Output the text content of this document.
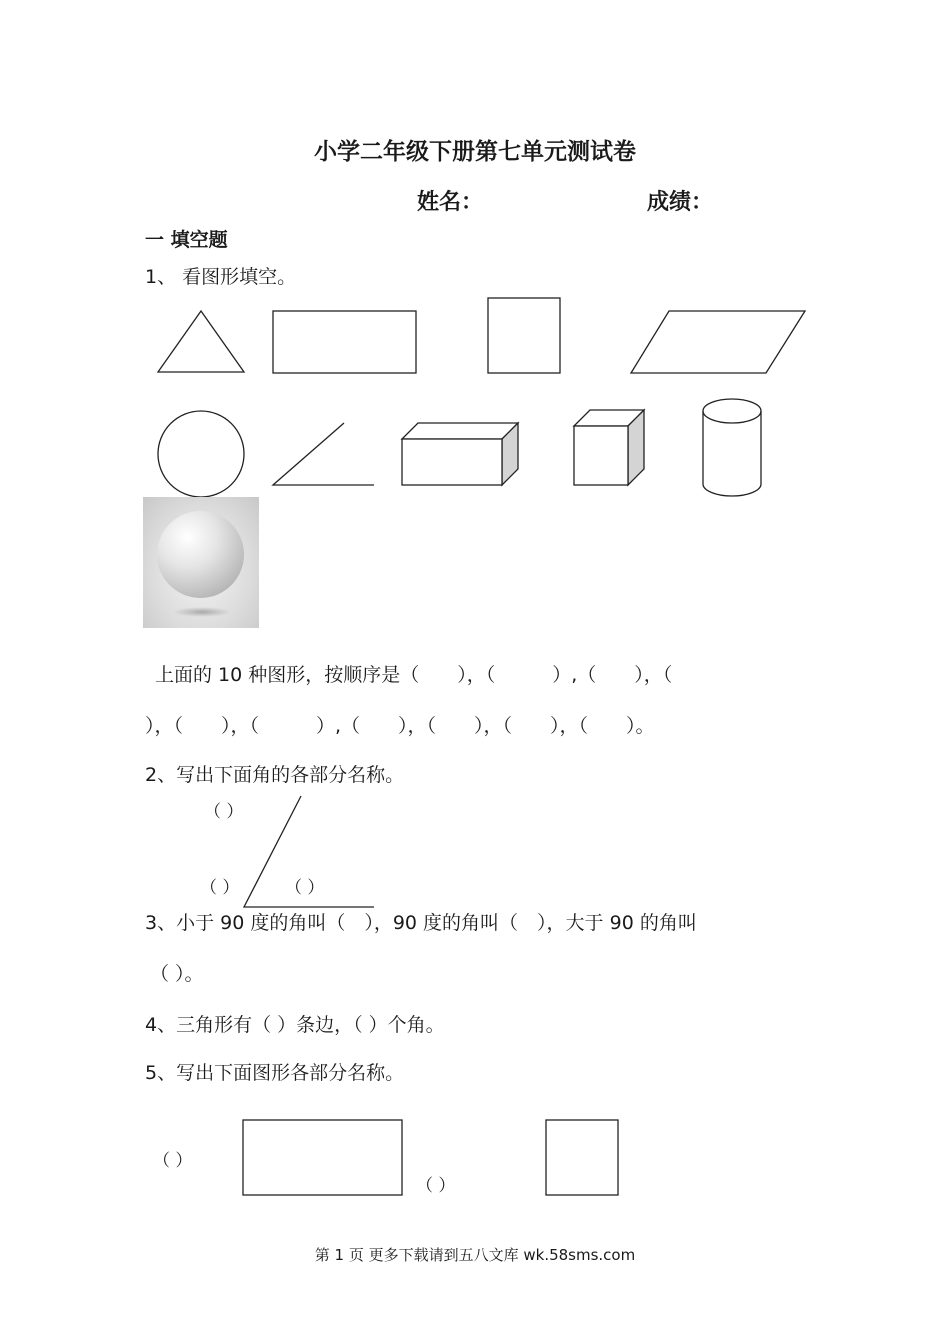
小学二年级下册第七单元测试卷
姓名：	成绩：
一 填空题
1、 看图形填空。
上面的 10 种图形，按顺序是（　　），（　　　）,（　　），（
），（　　），（　　　）,（　　），（　　），（　　），（　　）。
2、写出下面角的各部分名称。
（ ）
（ ）	（ ）
3、小于 90 度的角叫（　），90 度的角叫（　），大于 90 的角叫
（ ）。
4、三角形有（ ）条边，（ ）个角。
5、写出下面图形各部分名称。
（ ）
（ ）
第 1 页 更多下载请到五八文库 wk.58sms.com
